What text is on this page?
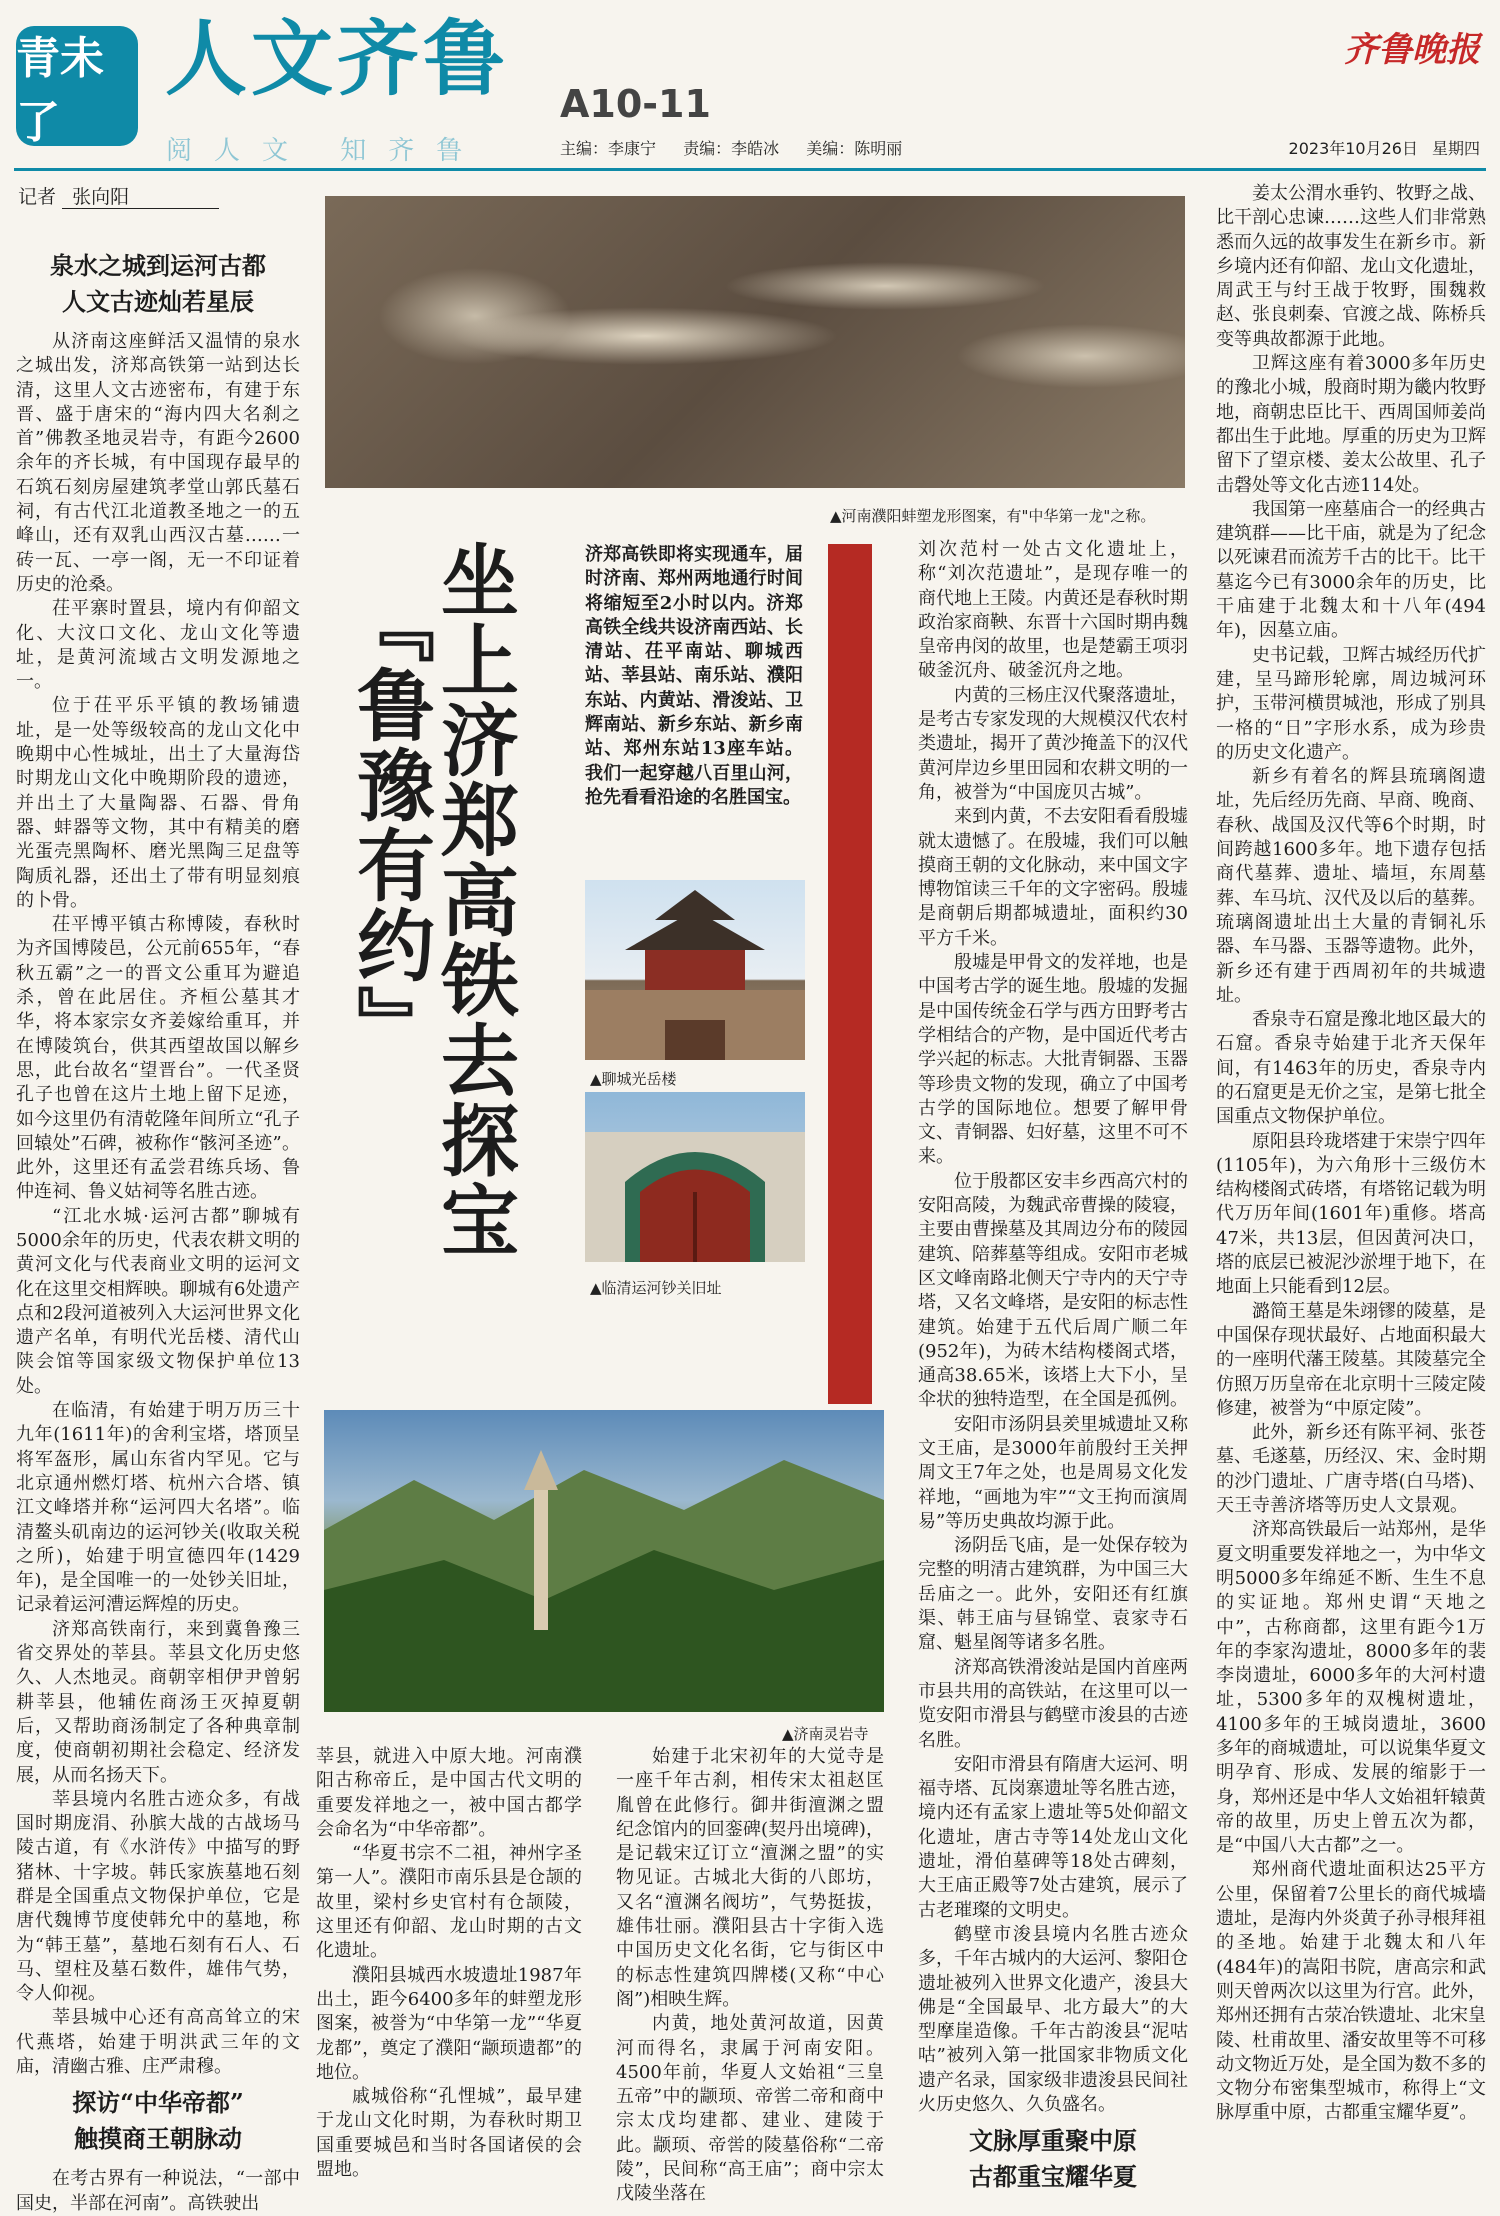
青未了
人文齐鲁 A10-11
阅人文 知齐鲁	主编：李康宁 责编：李皓冰 美编：陈明丽
齐鲁晚报
2023年10月26日 星期四
记者 张向阳
坐上济郑高铁去探宝
『鲁豫有约』
济郑高铁即将实现通车，届时济南、郑州两地通行时间将缩短至2小时以内。济郑高铁全线共设济南西站、长清站、茌平南站、聊城西站、莘县站、南乐站、濮阳东站、内黄站、滑浚站、卫辉南站、新乡东站、新乡南站、郑州东站13座车站。我们一起穿越八百里山河，抢先看看沿途的名胜国宝。
▲河南濮阳蚌塑龙形图案，有"中华第一龙"之称。
▲聊城光岳楼
▲临清运河钞关旧址
▲济南灵岩寺
泉水之城到运河古都
人文古迹灿若星辰

从济南这座鲜活又温情的泉水之城出发，济郑高铁第一站到达长清，这里人文古迹密布，有建于东晋、盛于唐宋的“海内四大名刹之首”佛教圣地灵岩寺，有距今2600余年的齐长城，有中国现存最早的石筑石刻房屋建筑孝堂山郭氏墓石祠，有古代江北道教圣地之一的五峰山，还有双乳山西汉古墓……一砖一瓦、一亭一阁，无一不印证着历史的沧桑。

茌平寨时置县，境内有仰韶文化、大汶口文化、龙山文化等遗址，是黄河流域古文明发源地之一。

位于茌平乐平镇的教场铺遗址，是一处等级较高的龙山文化中晚期中心性城址，出土了大量海岱时期龙山文化中晚期阶段的遗迹，并出土了大量陶器、石器、骨角器、蚌器等文物，其中有精美的磨光蛋壳黑陶杯、磨光黑陶三足盘等陶质礼器，还出土了带有明显刻痕的卜骨。

茌平博平镇古称博陵，春秋时为齐国博陵邑，公元前655年，“春秋五霸”之一的晋文公重耳为避追杀，曾在此居住。齐桓公墓其才华，将本家宗女齐姜嫁给重耳，并在博陵筑台，供其西望故国以解乡思，此台故名“望晋台”。一代圣贤孔子也曾在这片土地上留下足迹，如今这里仍有清乾隆年间所立“孔子回辕处”石碑，被称作“骸河圣迹”。此外，这里还有孟尝君练兵场、鲁仲连祠、鲁义姑祠等名胜古迹。

“江北水城·运河古都”聊城有5000余年的历史，代表农耕文明的黄河文化与代表商业文明的运河文化在这里交相辉映。聊城有6处遗产点和2段河道被列入大运河世界文化遗产名单，有明代光岳楼、清代山陕会馆等国家级文物保护单位13处。

在临清，有始建于明万历三十九年(1611年)的舍利宝塔，塔顶呈将军盔形，属山东省内罕见。它与北京通州燃灯塔、杭州六合塔、镇江文峰塔并称“运河四大名塔”。临清鳌头矶南边的运河钞关(收取关税之所)，始建于明宣德四年(1429年)，是全国唯一的一处钞关旧址，记录着运河漕运辉煌的历史。

济郑高铁南行，来到冀鲁豫三省交界处的莘县。莘县文化历史悠久、人杰地灵。商朝宰相伊尹曾躬耕莘县，他辅佐商汤王灭掉夏朝后，又帮助商汤制定了各种典章制度，使商朝初期社会稳定、经济发展，从而名扬天下。

莘县境内名胜古迹众多，有战国时期庞涓、孙膑大战的古战场马陵古道，有《水浒传》中描写的野猪林、十字坡。韩氏家族墓地石刻群是全国重点文物保护单位，它是唐代魏博节度使韩允中的墓地，称为“韩王墓”，墓地石刻有石人、石马、望柱及墓石数件，雄伟气势，令人仰视。

莘县城中心还有高高耸立的宋代燕塔，始建于明洪武三年的文庙，清幽古雅、庄严肃穆。

探访“中华帝都”
触摸商王朝脉动

在考古界有一种说法，“一部中国史，半部在河南”。高铁驶出

莘县，就进入中原大地。河南濮阳古称帝丘，是中国古代文明的重要发祥地之一，被中国古都学会命名为“中华帝都”。

“华夏书宗不二祖，神州字圣第一人”。濮阳市南乐县是仓颉的故里，梁村乡史官村有仓颉陵，这里还有仰韶、龙山时期的古文化遗址。

濮阳县城西水坡遗址1987年出土，距今6400多年的蚌塑龙形图案，被誉为“中华第一龙”“华夏龙都”，奠定了濮阳“颛顼遗都”的地位。

戚城俗称“孔悝城”，最早建于龙山文化时期，为春秋时期卫国重要城邑和当时各国诸侯的会盟地。

始建于北宋初年的大觉寺是一座千年古刹，相传宋太祖赵匡胤曾在此修行。御井街澶渊之盟纪念馆内的回銮碑(契丹出境碑)，是记载宋辽订立“澶渊之盟”的实物见证。古城北大街的八郎坊，又名“澶渊名阀坊”，气势挺拔，雄伟壮丽。濮阳县古十字街入选中国历史文化名街，它与街区中的标志性建筑四牌楼(又称“中心阁”)相映生辉。

内黄，地处黄河故道，因黄河而得名，隶属于河南安阳。4500年前，华夏人文始祖“三皇五帝”中的颛顼、帝喾二帝和商中宗太戊均建都、建业、建陵于此。颛顼、帝喾的陵墓俗称“二帝陵”，民间称“高王庙”；商中宗太戊陵坐落在

刘次范村一处古文化遗址上，称“刘次范遗址”，是现存唯一的商代地上王陵。内黄还是春秋时期政治家商鞅、东晋十六国时期冉魏皇帝冉闵的故里，也是楚霸王项羽破釜沉舟、破釜沉舟之地。

内黄的三杨庄汉代聚落遗址，是考古专家发现的大规模汉代农村类遗址，揭开了黄沙掩盖下的汉代黄河岸边乡里田园和农耕文明的一角，被誉为“中国庞贝古城”。

来到内黄，不去安阳看看殷墟就太遗憾了。在殷墟，我们可以触摸商王朝的文化脉动，来中国文字博物馆读三千年的文字密码。殷墟是商朝后期都城遗址，面积约30平方千米。

殷墟是甲骨文的发祥地，也是中国考古学的诞生地。殷墟的发掘是中国传统金石学与西方田野考古学相结合的产物，是中国近代考古学兴起的标志。大批青铜器、玉器等珍贵文物的发现，确立了中国考古学的国际地位。想要了解甲骨文、青铜器、妇好墓，这里不可不来。

位于殷都区安丰乡西高穴村的安阳高陵，为魏武帝曹操的陵寝，主要由曹操墓及其周边分布的陵园建筑、陪葬墓等组成。安阳市老城区文峰南路北侧天宁寺内的天宁寺塔，又名文峰塔，是安阳的标志性建筑。始建于五代后周广顺二年(952年)，为砖木结构楼阁式塔，通高38.65米，该塔上大下小，呈伞状的独特造型，在全国是孤例。

安阳市汤阴县羑里城遗址又称文王庙，是3000年前殷纣王关押周文王7年之处，也是周易文化发祥地，“画地为牢”“文王拘而演周易”等历史典故均源于此。

汤阴岳飞庙，是一处保存较为完整的明清古建筑群，为中国三大岳庙之一。此外，安阳还有红旗渠、韩王庙与昼锦堂、袁家寺石窟、魁星阁等诸多名胜。

济郑高铁滑浚站是国内首座两市县共用的高铁站，在这里可以一览安阳市滑县与鹤壁市浚县的古迹名胜。

安阳市滑县有隋唐大运河、明福寺塔、瓦岗寨遗址等名胜古迹，境内还有孟家上遗址等5处仰韶文化遗址，唐古寺等14处龙山文化遗址，滑伯墓碑等18处古碑刻，大王庙正殿等7处古建筑，展示了古老璀璨的文明史。

鹤壁市浚县境内名胜古迹众多，千年古城内的大运河、黎阳仓遗址被列入世界文化遗产，浚县大佛是“全国最早、北方最大”的大型摩崖造像。千年古韵浚县“泥咕咕”被列入第一批国家非物质文化遗产名录，国家级非遗浚县民间社火历史悠久、久负盛名。

文脉厚重聚中原
古都重宝耀华夏

姜太公渭水垂钓、牧野之战、比干剖心忠谏……这些人们非常熟悉而久远的故事发生在新乡市。新乡境内还有仰韶、龙山文化遗址，周武王与纣王战于牧野，围魏救赵、张良刺秦、官渡之战、陈桥兵变等典故都源于此地。

卫辉这座有着3000多年历史的豫北小城，殷商时期为畿内牧野地，商朝忠臣比干、西周国师姜尚都出生于此地。厚重的历史为卫辉留下了望京楼、姜太公故里、孔子击磬处等文化古迹114处。

我国第一座墓庙合一的经典古建筑群——比干庙，就是为了纪念以死谏君而流芳千古的比干。比干墓迄今已有3000余年的历史，比干庙建于北魏太和十八年(494年)，因墓立庙。

史书记载，卫辉古城经历代扩建，呈马蹄形轮廓，周边城河环护，玉带河横贯城池，形成了别具一格的“日”字形水系，成为珍贵的历史文化遗产。

新乡有着名的辉县琉璃阁遗址，先后经历先商、早商、晚商、春秋、战国及汉代等6个时期，时间跨越1600多年。地下遗存包括商代墓葬、遗址、墙垣，东周墓葬、车马坑、汉代及以后的墓葬。琉璃阁遗址出土大量的青铜礼乐器、车马器、玉器等遗物。此外，新乡还有建于西周初年的共城遗址。

香泉寺石窟是豫北地区最大的石窟。香泉寺始建于北齐天保年间，有1463年的历史，香泉寺内的石窟更是无价之宝，是第七批全国重点文物保护单位。

原阳县玲珑塔建于宋崇宁四年(1105年)，为六角形十三级仿木结构楼阁式砖塔，有塔铭记载为明代万历年间(1601年)重修。塔高47米，共13层，但因黄河决口，塔的底层已被泥沙淤埋于地下，在地面上只能看到12层。

潞简王墓是朱翊镠的陵墓，是中国保存现状最好、占地面积最大的一座明代藩王陵墓。其陵墓完全仿照万历皇帝在北京明十三陵定陵修建，被誉为“中原定陵”。

此外，新乡还有陈平祠、张苍墓、毛遂墓，历经汉、宋、金时期的沙门遗址、广唐寺塔(白马塔)、天王寺善济塔等历史人文景观。

济郑高铁最后一站郑州，是华夏文明重要发祥地之一，为中华文明5000多年绵延不断、生生不息的实证地。郑州史谓“天地之中”，古称商都，这里有距今1万年的李家沟遗址，8000多年的裴李岗遗址，6000多年的大河村遗址，5300多年的双槐树遗址，4100多年的王城岗遗址，3600多年的商城遗址，可以说集华夏文明孕育、形成、发展的缩影于一身，郑州还是中华人文始祖轩辕黄帝的故里，历史上曾五次为都，是“中国八大古都”之一。

郑州商代遗址面积达25平方公里，保留着7公里长的商代城墙遗址，是海内外炎黄子孙寻根拜祖的圣地。始建于北魏太和八年(484年)的嵩阳书院，唐高宗和武则天曾两次以这里为行宫。此外，郑州还拥有古荥冶铁遗址、北宋皇陵、杜甫故里、潘安故里等不可移动文物近万处，是全国为数不多的文物分布密集型城市，称得上“文脉厚重中原，古都重宝耀华夏”。
